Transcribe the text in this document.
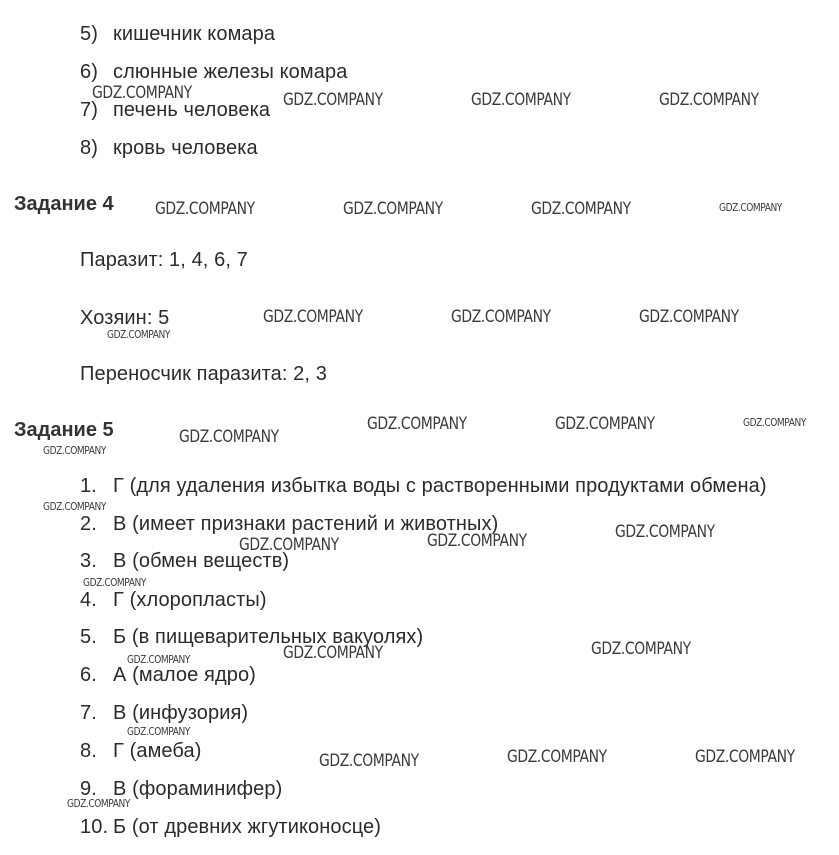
5) кишечник комара
6) слюнные железы комара
7) печень человека
8) кровь человека
Задание 4
Паразит: 1, 4, 6, 7
Хозяин: 5
Переносчик паразита: 2, 3
Задание 5
1. Г (для удаления избытка воды с растворенными продуктами обмена)
2. В (имеет признаки растений и животных)
3. В (обмен веществ)
4. Г (хлоропласты)
5. Б (в пищеварительных вакуолях)
6. А (малое ядро)
7. В (инфузория)
8. Г (амеба)
9. В (фораминифер)
10. Б (от древних жгутиконосце)
GDZ.COMPANY	GDZ.COMPANY	GDZ.COMPANY	GDZ.COMPANY
GDZ.COMPANY	GDZ.COMPANY	GDZ.COMPANY
GDZ.COMPANY	GDZ.COMPANY	GDZ.COMPANY
GDZ.COMPANY
GDZ.COMPANY	GDZ.COMPANY
GDZ.COMPANY
GDZ.COMPANY
GDZ.COMPANY
GDZ.COMPANY	GDZ.COMPANY
GDZ.COMPANY	GDZ.COMPANY	GDZ.COMPANY
GDZ.COMPANY
GDZ.COMPANY
GDZ.COMPANY
GDZ.COMPANY
GDZ.COMPANY
GDZ.COMPANY
GDZ.COMPANY
GDZ.COMPANY
GDZ.COMPANY
